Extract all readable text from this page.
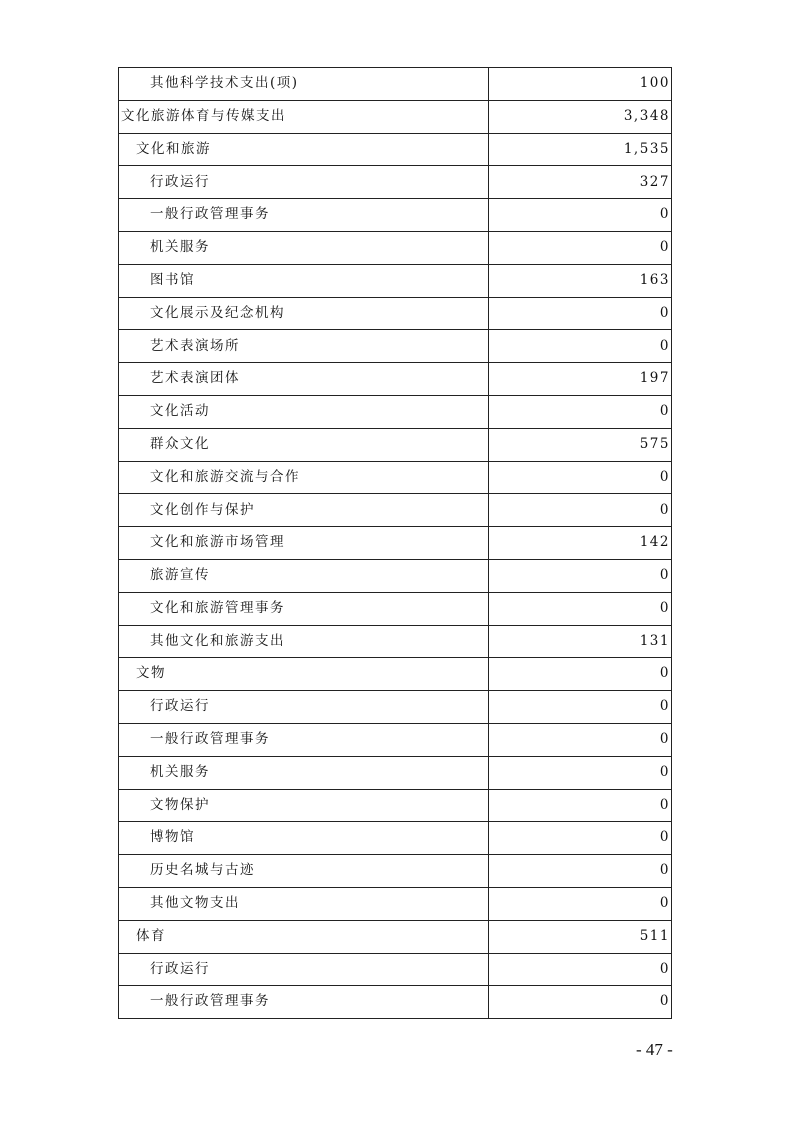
其他科学技术支出(项)	100
文化旅游体育与传媒支出	3,348
文化和旅游	1,535
行政运行	327
一般行政管理事务	0
机关服务	0
图书馆	163
文化展示及纪念机构	0
艺术表演场所	0
艺术表演团体	197
文化活动	0
群众文化	575
文化和旅游交流与合作	0
文化创作与保护	0
文化和旅游市场管理	142
旅游宣传	0
文化和旅游管理事务	0
其他文化和旅游支出	131
文物	0
行政运行	0
一般行政管理事务	0
机关服务	0
文物保护	0
博物馆	0
历史名城与古迹	0
其他文物支出	0
体育	511
行政运行	0
一般行政管理事务	0
- 47 -
